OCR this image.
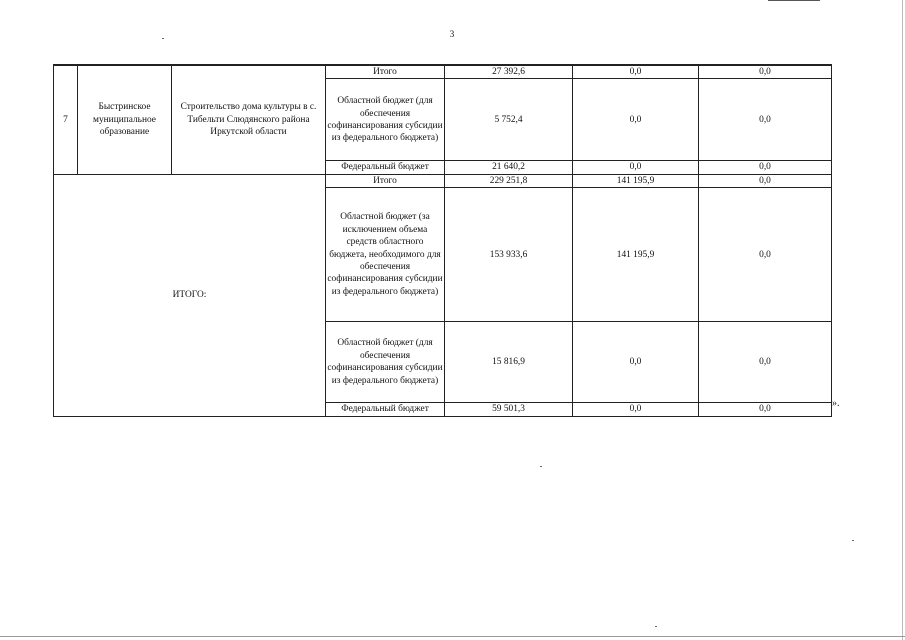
3
7	Быстринское муниципальное образование	Строительство дома культуры в с. Тибельти Слюдянского района Иркутской области	Итого	27 392,6	0,0	0,0
			Областной бюджет (для обеспечения софинансирования субсидии из федерального бюджета)	5 752,4	0,0	0,0
			Федеральный бюджет	21 640,2	0,0	0,0
ИТОГО:			Итого	229 251,8	141 195,9	0,0
			Областной бюджет (за исключением объема средств областного бюджета, необходимого для обеспечения софинансирования субсидии из федерального бюджета)	153 933,6	141 195,9	0,0
			Областной бюджет (для обеспечения софинансирования субсидии из федерального бюджета)	15 816,9	0,0	0,0
			Федеральный бюджет	59 501,3	0,0	0,0
».
